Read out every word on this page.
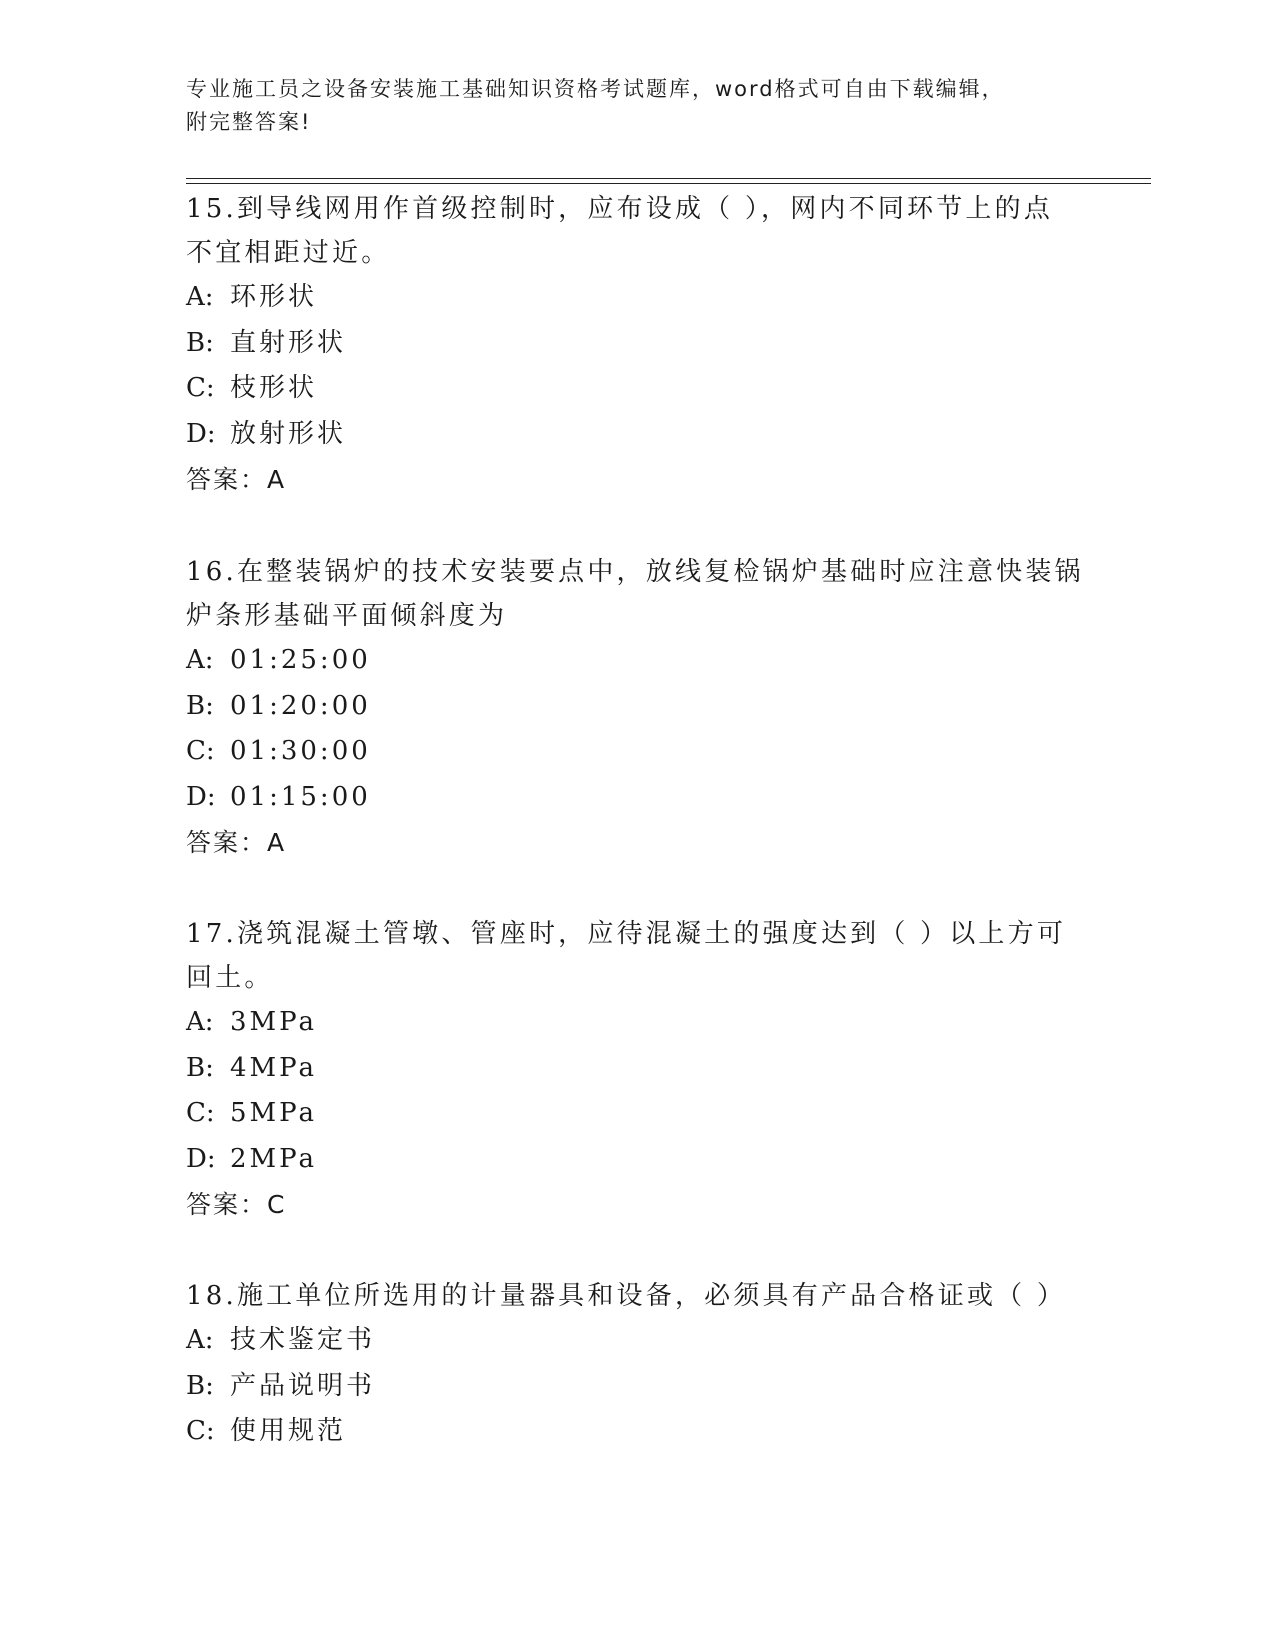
专业施工员之设备安装施工基础知识资格考试题库，word格式可自由下载编辑，
附完整答案!
15.到导线网用作首级控制时，应布设成（ ），网内不同环节上的点
不宜相距过近。
A: 环形状
B: 直射形状
C: 枝形状
D: 放射形状
答案：A
16.在整装锅炉的技术安装要点中，放线复检锅炉基础时应注意快装锅
炉条形基础平面倾斜度为
A: 01:25:00
B: 01:20:00
C: 01:30:00
D: 01:15:00
答案：A
17.浇筑混凝土管墩、管座时，应待混凝土的强度达到（ ）以上方可
回土。
A: 3MPa
B: 4MPa
C: 5MPa
D: 2MPa
答案：C
18.施工单位所选用的计量器具和设备，必须具有产品合格证或（ ）
A: 技术鉴定书
B: 产品说明书
C: 使用规范
